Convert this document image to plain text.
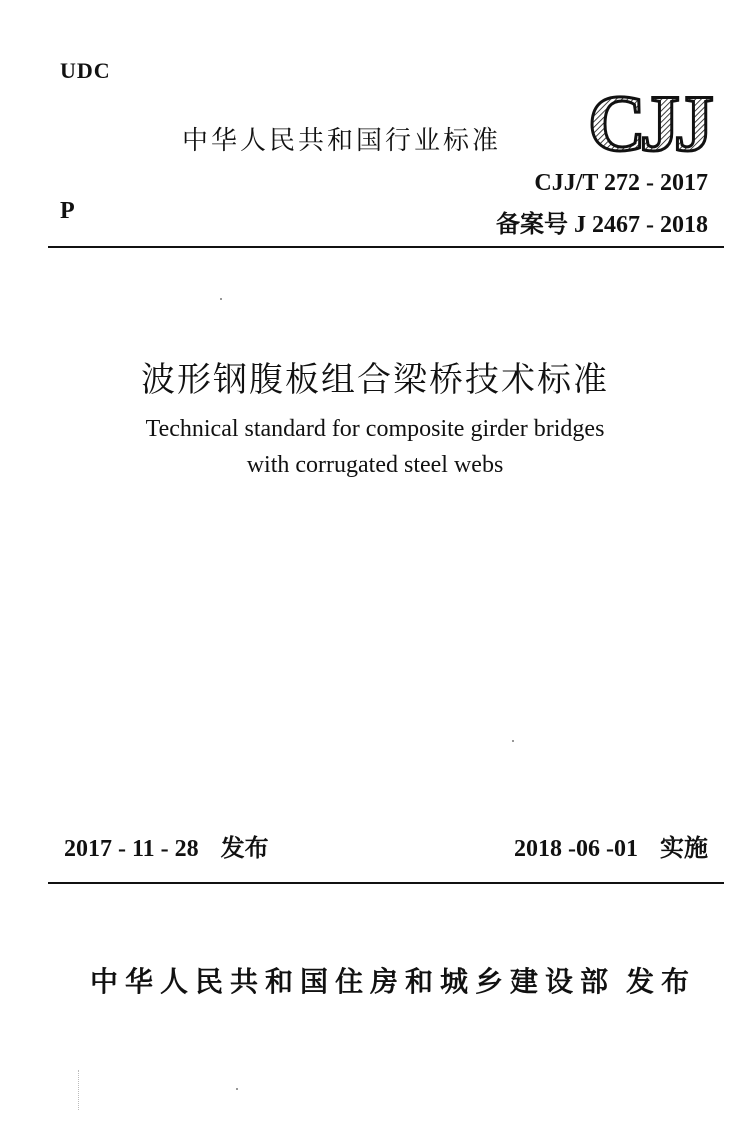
UDC
P
中华人民共和国行业标准 CJJ
CJJ/T 272 - 2017
备案号 J 2467 - 2018
波形钢腹板组合梁桥技术标准
Technical standard for composite girder bridges
with corrugated steel webs
2017 - 11 - 28 发布	2018 -06 -01 实施
中华人民共和国住房和城乡建设部 发布
